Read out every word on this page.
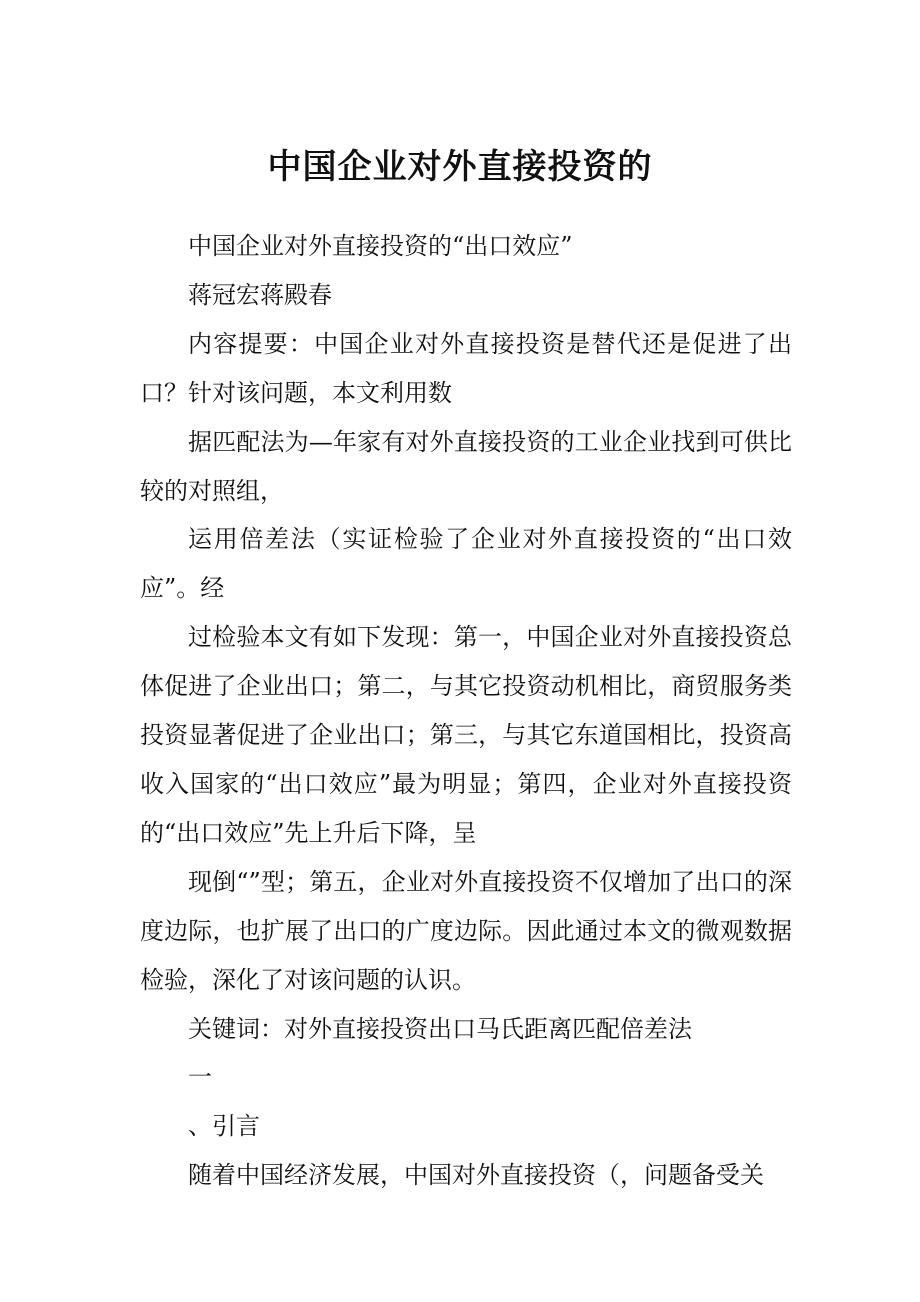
中国企业对外直接投资的

中国企业对外直接投资的“出口效应”

蒋冠宏蒋殿春

内容提要：中国企业对外直接投资是替代还是促进了出口？针对该问题，本文利用数

据匹配法为—年家有对外直接投资的工业企业找到可供比较的对照组，

运用倍差法（实证检验了企业对外直接投资的“出口效应”。经

过检验本文有如下发现：第一，中国企业对外直接投资总体促进了企业出口；第二，与其它投资动机相比，商贸服务类投资显著促进了企业出口；第三，与其它东道国相比，投资高收入国家的“出口效应”最为明显；第四，企业对外直接投资的“出口效应”先上升后下降，呈

现倒“”型；第五，企业对外直接投资不仅增加了出口的深度边际，也扩展了出口的广度边际。因此通过本文的微观数据检验，深化了对该问题的认识。

关键词：对外直接投资出口马氏距离匹配倍差法

一

、引言

随着中国经济发展，中国对外直接投资（，问题备受关
